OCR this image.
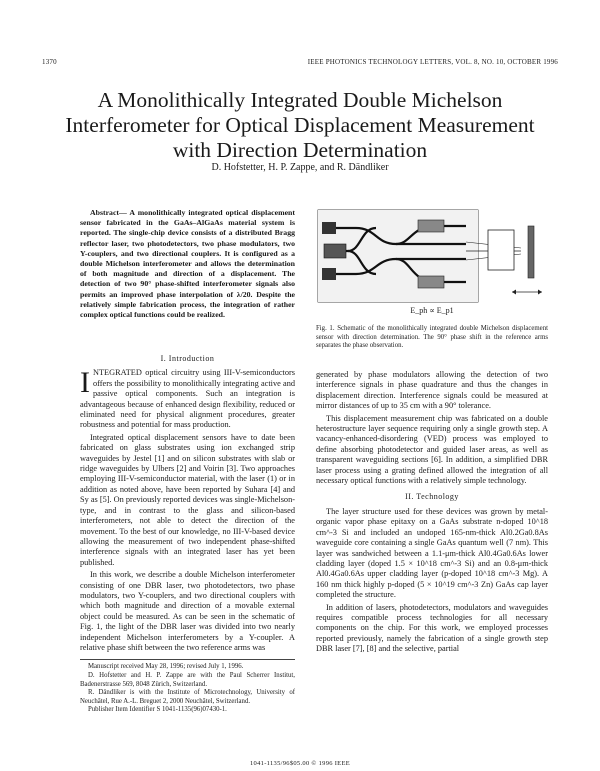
1370	IEEE PHOTONICS TECHNOLOGY LETTERS, VOL. 8, NO. 10, OCTOBER 1996
A Monolithically Integrated Double Michelson Interferometer for Optical Displacement Measurement with Direction Determination
D. Hofstetter, H. P. Zappe, and R. Dändliker
Abstract— A monolithically integrated optical displacement sensor fabricated in the GaAs–AlGaAs material system is reported. The single-chip device consists of a distributed Bragg reflector laser, two photodetectors, two phase modulators, two Y-couplers, and two directional couplers. It is configured as a double Michelson interferometer and allows the determination of both magnitude and direction of a displacement. The detection of two 90° phase-shifted interferometer signals also permits an improved phase interpolation of λ/20. Despite the relatively simple fabrication process, the integration of rather complex optical functions could be realized.
I. Introduction

INTEGRATED optical circuitry using III-V-semiconductors offers the possibility to monolithically integrating active and passive optical components. Such an integration is advantageous because of enhanced design flexibility, reduced or eliminated need for physical alignment procedures, greater robustness and potential for mass production.

Integrated optical displacement sensors have to date been fabricated on glass substrates using ion exchanged strip waveguides by Jestel [1] and on silicon substrates with slab or ridge waveguides by Ulbers [2] and Voirin [3]. Two approaches employing III-V-semiconductor material, with the laser (1) or in addition as noted above, have been reported by Suhara [4] and Sy as [5]. On previously reported devices was single-Michelson-type, and in contrast to the glass and silicon-based interferometers, not able to detect the direction of the movement. To the best of our knowledge, no III-V-based device allowing the measurement of two independent phase-shifted interference signals with an integrated laser has yet been published.

In this work, we describe a double Michelson interferometer consisting of one DBR laser, two photodetectors, two phase modulators, two Y-couplers, and two directional couplers with which both magnitude and direction of a movable external object could be measured. As can be seen in the schematic of Fig. 1, the light of the DBR laser was divided into two nearly independent Michelson interferometers by a Y-coupler. A relative phase shift between the two reference arms was

Manuscript received May 28, 1996; revised July 1, 1996.

D. Hofstetter and H. P. Zappe are with the Paul Scherrer Institut, Badenerstrasse 569, 8048 Zürich, Switzerland.

R. Dändliker is with the Institute of Microtechnology, University of Neuchâtel, Rue A.-L. Breguet 2, 2000 Neuchâtel, Switzerland.

Publisher Item Identifier S 1041-1135(96)07430-1.

E_ph ∝ E_p1
Fig. 1. Schematic of the monolithically integrated double Michelson displacement sensor with direction determination. The 90° phase shift in the reference arms separates the phase observation.

generated by phase modulators allowing the detection of two interference signals in phase quadrature and thus the changes in displacement direction. Interference signals could be measured at mirror distances of up to 35 cm with a 90° tolerance.

This displacement measurement chip was fabricated on a double heterostructure layer sequence requiring only a single growth step. A vacancy-enhanced-disordering (VED) process was employed to define absorbing photodetector and guided laser areas, as well as transparent waveguiding sections [6]. In addition, a simplified DBR laser process using a grating defined allowed the integration of all necessary optical functions with a relatively simple technology.

II. Technology

The layer structure used for these devices was grown by metal-organic vapor phase epitaxy on a GaAs substrate n-doped 10^18 cm^-3 Si and included an undoped 165-nm-thick Al0.2Ga0.8As waveguide core containing a single GaAs quantum well (7 nm). This layer was sandwiched between a 1.1-μm-thick Al0.4Ga0.6As lower cladding layer (doped 1.5 × 10^18 cm^-3 Si) and an 0.8-μm-thick Al0.4Ga0.6As upper cladding layer (p-doped 10^18 cm^-3 Mg). A 160 nm thick highly p-doped (5 × 10^19 cm^-3 Zn) GaAs cap layer completed the structure.

In addition of lasers, photodetectors, modulators and waveguides requires compatible process technologies for all necessary components on the chip. For this work, we employed processes reported previously, namely the fabrication of a single growth step DBR laser [7], [8] and the selective, partial

1041-1135/96$05.00 © 1996 IEEE
